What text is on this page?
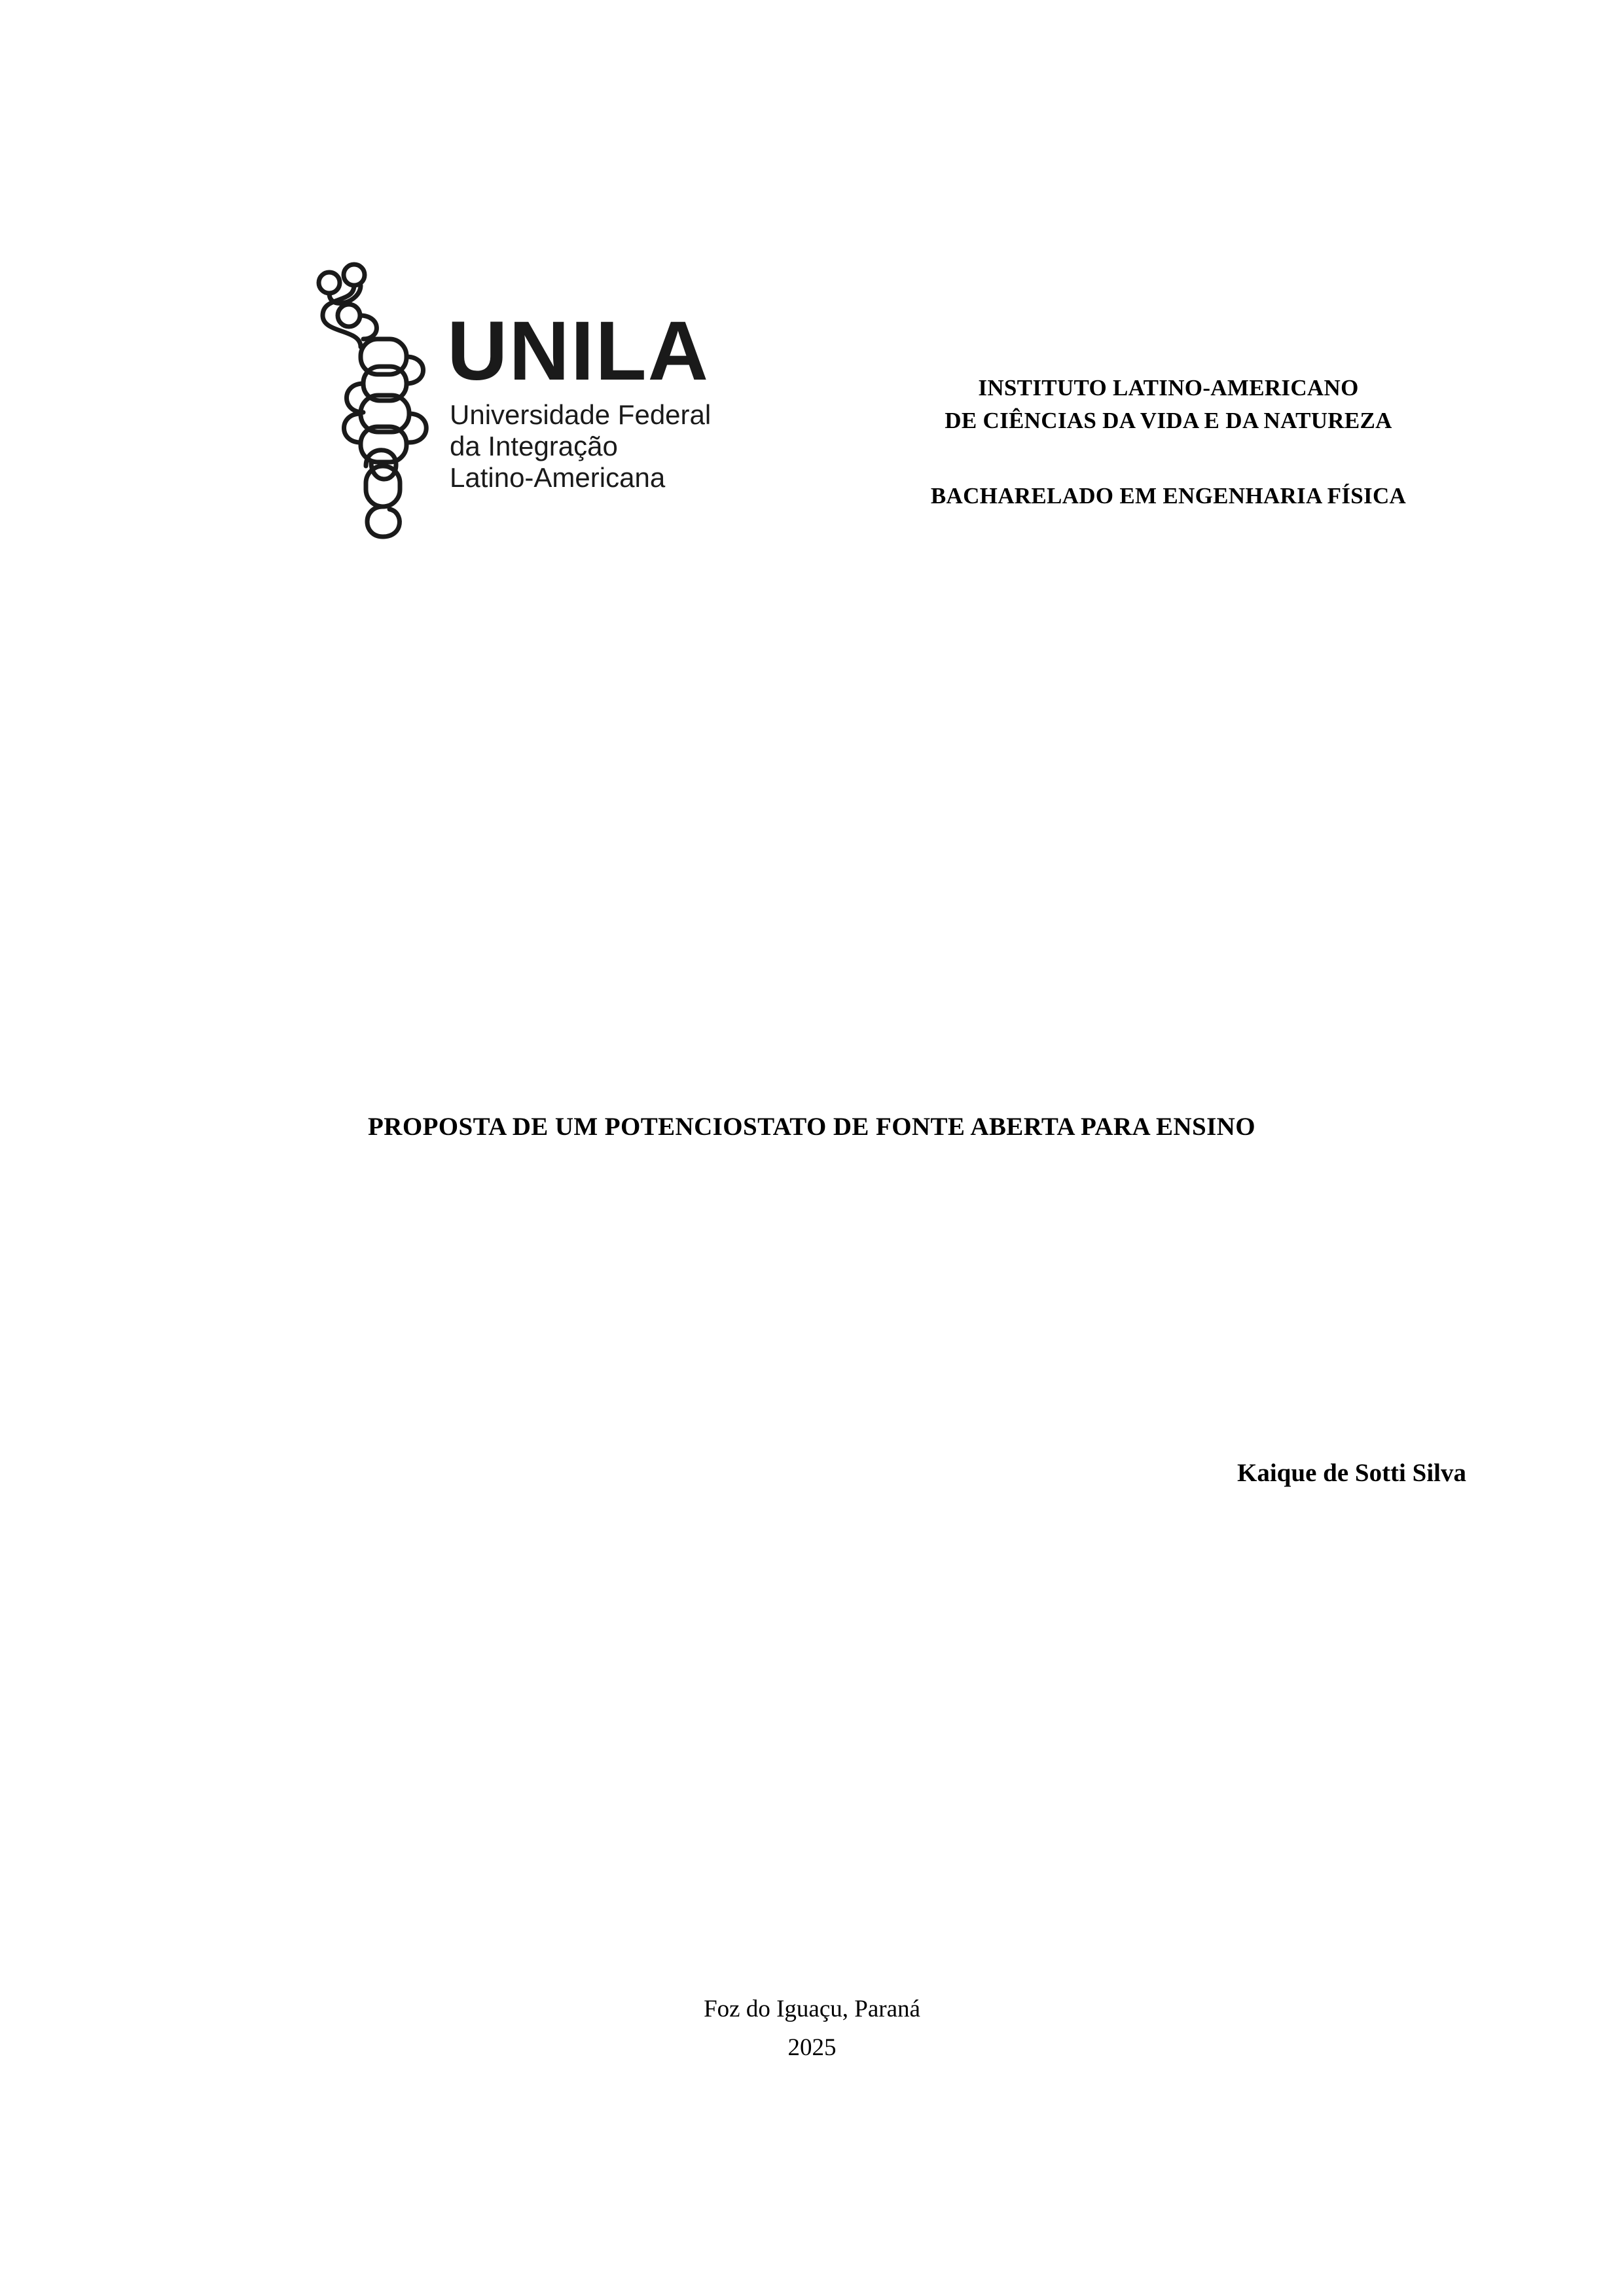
UNILA
Universidade Federal
da Integração
Latino-Americana
INSTITUTO LATINO-AMERICANO
DE CIÊNCIAS DA VIDA E DA NATUREZA
BACHARELADO EM ENGENHARIA FÍSICA
PROPOSTA DE UM POTENCIOSTATO DE FONTE ABERTA PARA ENSINO
Kaique de Sotti Silva
Foz do Iguaçu, Paraná
2025
